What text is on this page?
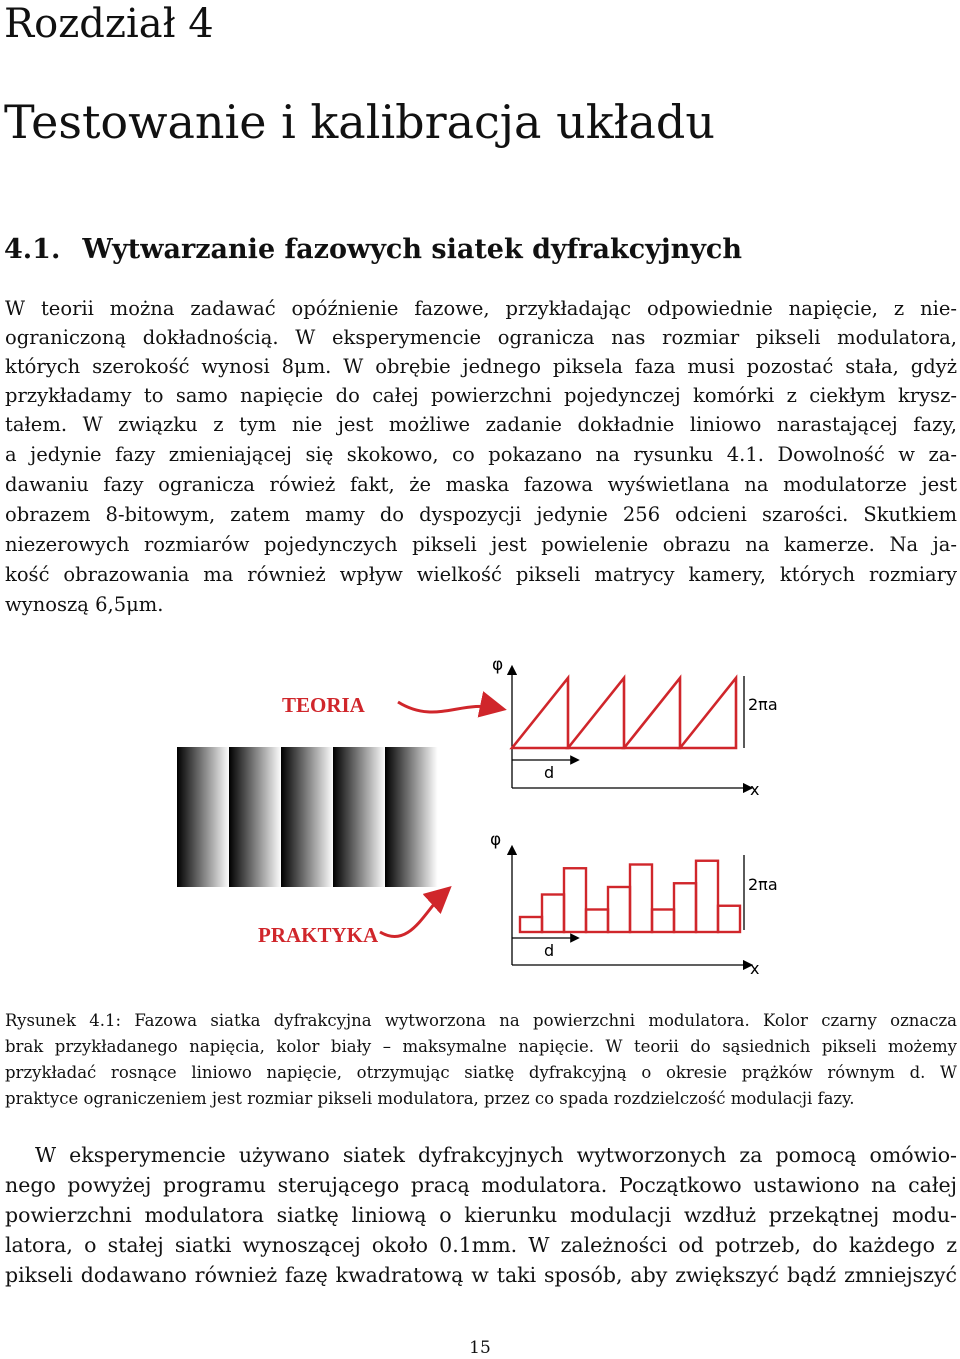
Rozdział 4
Testowanie i kalibracja układu
4.1. Wytwarzanie fazowych siatek dyfrakcyjnych
W teorii można zadawać opóźnienie fazowe, przykładając odpowiednie napięcie, z nie-
ograniczoną dokładnością. W eksperymencie ogranicza nas rozmiar pikseli modulatora,
których szerokość wynosi 8μm. W obrębie jednego piksela faza musi pozostać stała, gdyż
przykładamy to samo napięcie do całej powierzchni pojedynczej komórki z ciekłym krysz-
tałem. W związku z tym nie jest możliwe zadanie dokładnie liniowo narastającej fazy,
a jedynie fazy zmieniającej się skokowo, co pokazano na rysunku 4.1. Dowolność w za-
dawaniu fazy ogranicza rówież fakt, że maska fazowa wyświetlana na modulatorze jest
obrazem 8-bitowym, zatem mamy do dyspozycji jedynie 256 odcieni szarości. Skutkiem
niezerowych rozmiarów pojedynczych pikseli jest powielenie obrazu na kamerze. Na ja-
kość obrazowania ma również wpływ wielkość pikseli matrycy kamery, których rozmiary
wynoszą 6,5μm.
TEORIA
PRAKTYKA
φ
x
2πa
d
φ
x
2πa
d
Rysunek 4.1: Fazowa siatka dyfrakcyjna wytworzona na powierzchni modulatora. Kolor czarny oznacza
brak przykładanego napięcia, kolor biały – maksymalne napięcie. W teorii do sąsiednich pikseli możemy
przykładać rosnące liniowo napięcie, otrzymując siatkę dyfrakcyjną o okresie prążków równym d. W
praktyce ograniczeniem jest rozmiar pikseli modulatora, przez co spada rozdzielczość modulacji fazy.
W eksperymencie używano siatek dyfrakcyjnych wytworzonych za pomocą omówio-
nego powyżej programu sterującego pracą modulatora. Początkowo ustawiono na całej
powierzchni modulatora siatkę liniową o kierunku modulacji wzdłuż przekątnej modu-
latora, o stałej siatki wynoszącej około 0.1mm. W zależności od potrzeb, do każdego z
pikseli dodawano również fazę kwadratową w taki sposób, aby zwiększyć bądź zmniejszyć
15
